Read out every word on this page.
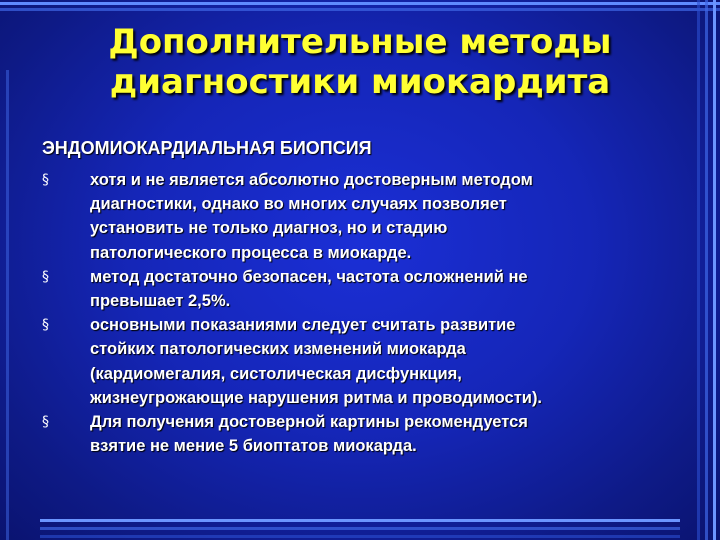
Дополнительные методы
диагностики миокардита
ЭНДОМИОКАРДИАЛЬНАЯ БИОПСИЯ
§ хотя и не является абсолютно достоверным методом
диагностики, однако во многих случаях позволяет
установить не только диагноз, но и стадию
патологического процесса в миокарде.
§ метод достаточно безопасен, частота осложнений не
превышает 2,5%.
§ основными показаниями следует считать развитие
стойких патологических изменений миокарда
(кардиомегалия, систолическая дисфункция,
жизнеугрожающие нарушения ритма и проводимости).
§ Для получения достоверной картины рекомендуется
взятие не мение 5 биоптатов миокарда.
